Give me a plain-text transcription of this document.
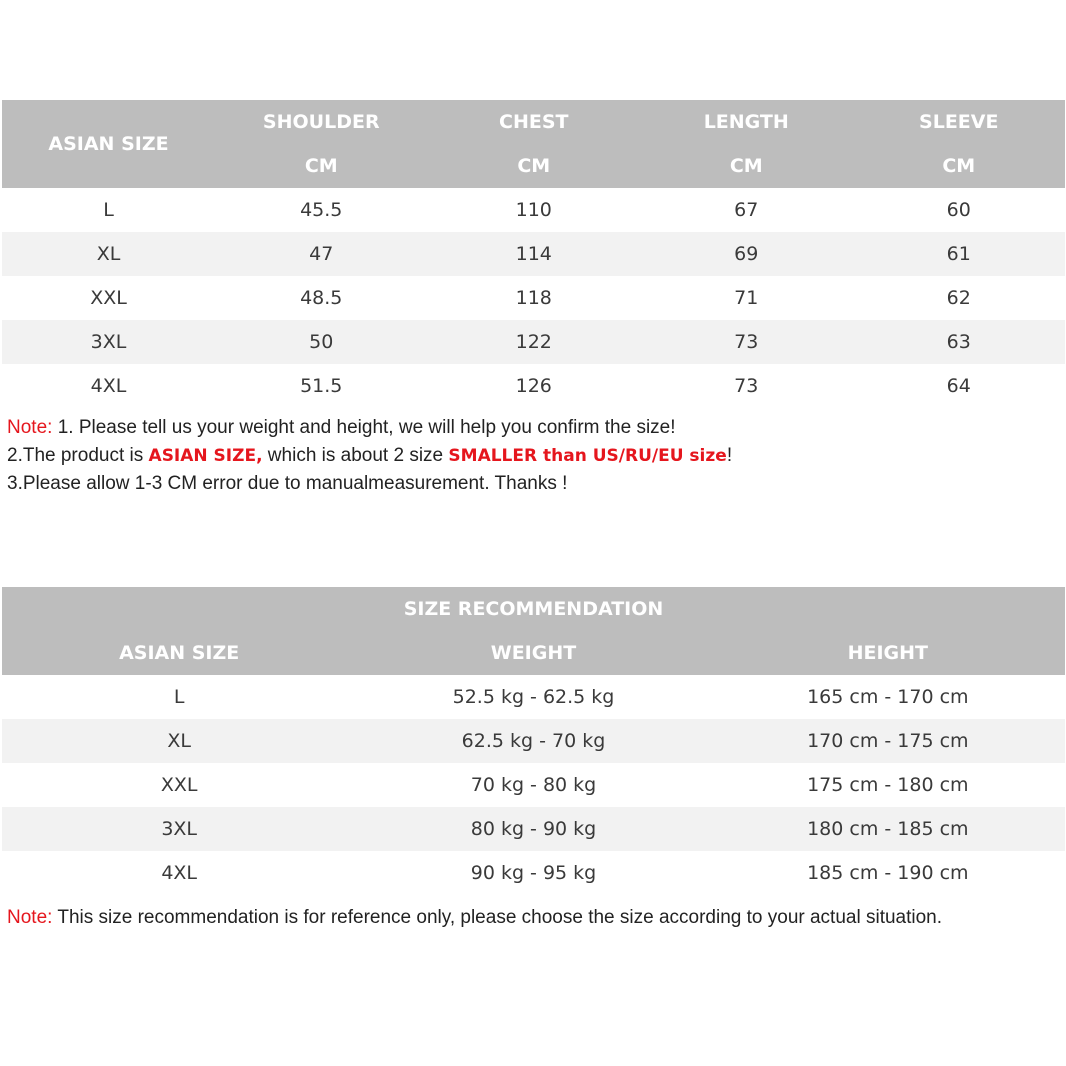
ASIAN SIZE	SHOULDER	CHEST	LENGTH	SLEEVE
	CM	CM	CM	CM
L	45.5	110	67	60
XL	47	114	69	61
XXL	48.5	118	71	62
3XL	50	122	73	63
4XL	51.5	126	73	64
Note: 1. Please tell us your weight and height, we will help you confirm the size!
2.The product is ASIAN SIZE, which is about 2 size SMALLER than US/RU/EU size!
3.Please allow 1-3 CM error due to manualmeasurement. Thanks !
SIZE RECOMMENDATION		
ASIAN SIZE	WEIGHT	HEIGHT
L	52.5 kg - 62.5 kg	165 cm - 170 cm
XL	62.5 kg - 70 kg	170 cm - 175 cm
XXL	70 kg - 80 kg	175 cm - 180 cm
3XL	80 kg - 90 kg	180 cm - 185 cm
4XL	90 kg - 95 kg	185 cm - 190 cm
Note: This size recommendation is for reference only, please choose the size according to your actual situation.
